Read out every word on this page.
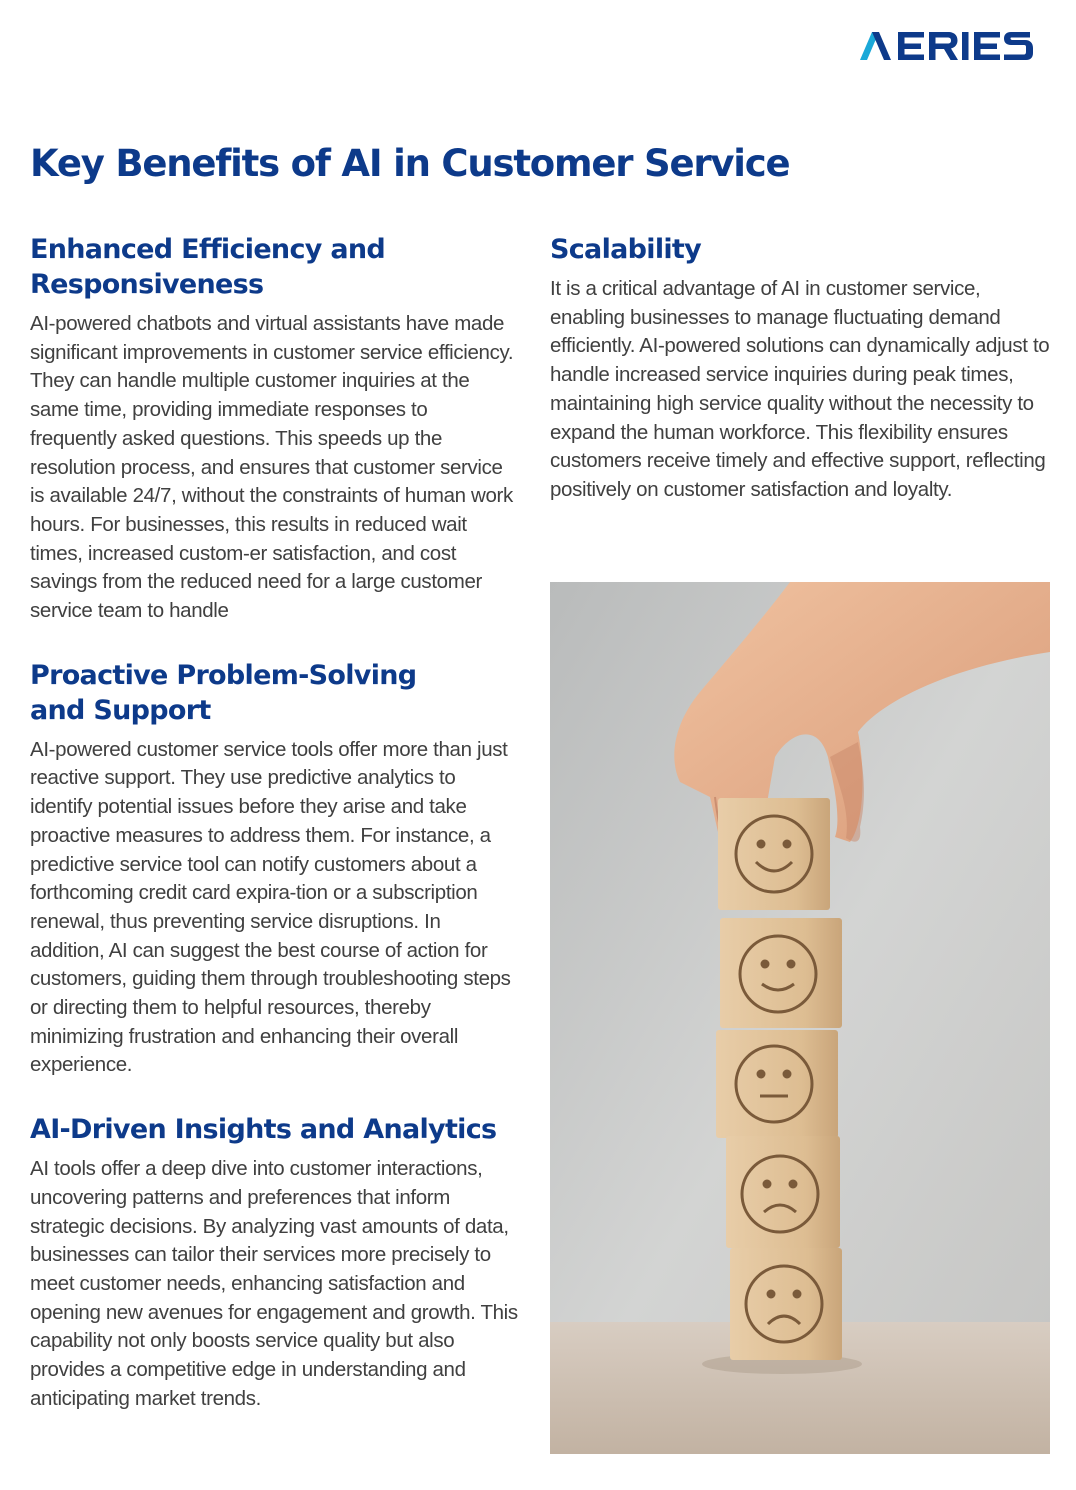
Key Benefits of AI in Customer Service
Enhanced Efficiency and Responsiveness

AI-powered chatbots and virtual assistants have made significant improvements in customer service efficiency. They can handle multiple customer inquiries at the same time, providing immediate responses to frequently asked questions. This speeds up the resolution process, and ensures that customer service is available 24/7, without the constraints of human work hours. For businesses, this results in reduced wait times, increased custom-er satisfaction, and cost savings from the reduced need for a large customer service team to handle

Proactive Problem-Solving and Support

AI-powered customer service tools offer more than just reactive support. They use predictive analytics to identify potential issues before they arise and take proactive measures to address them. For instance, a predictive service tool can notify customers about a forthcoming credit card expira-tion or a subscription renewal, thus preventing service disruptions. In addition, AI can suggest the best course of action for customers, guiding them through troubleshooting steps or directing them to helpful resources, thereby minimizing frustration and enhancing their overall experience.

AI-Driven Insights and Analytics

AI tools offer a deep dive into customer interactions, uncovering patterns and preferences that inform strategic decisions. By analyzing vast amounts of data, businesses can tailor their services more precisely to meet customer needs, enhancing satisfaction and opening new avenues for engagement and growth. This capability not only boosts service quality but also provides a competitive edge in understanding and anticipating market trends.

Scalability

It is a critical advantage of AI in customer service, enabling businesses to manage fluctuating demand efficiently. AI-powered solutions can dynamically adjust to handle increased service inquiries during peak times, maintaining high service quality without the necessity to expand the human workforce. This flexibility ensures customers receive timely and effective support, reflecting positively on customer satisfaction and loyalty.
